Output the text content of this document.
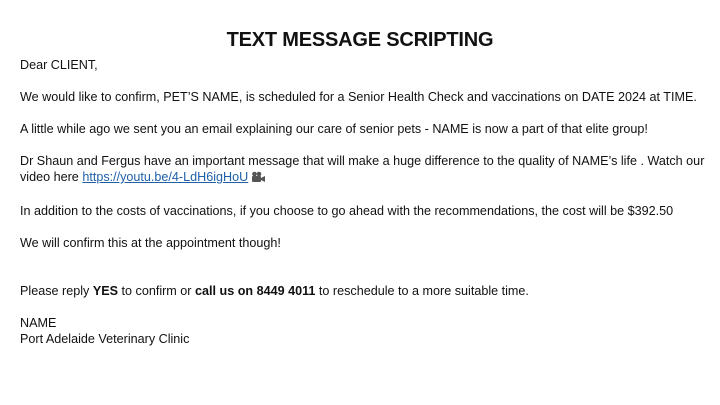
TEXT MESSAGE SCRIPTING

Dear CLIENT,

We would like to confirm, PET’S NAME, is scheduled for a Senior Health Check and vaccinations on DATE 2024 at TIME.

A little while ago we sent you an email explaining our care of senior pets - NAME is now a part of that elite group!

Dr Shaun and Fergus have an important message that will make a huge difference to the quality of NAME’s life . Watch our
video here https://youtu.be/4-LdH6igHoU

In addition to the costs of vaccinations, if you choose to go ahead with the recommendations, the cost will be $392.50

We will confirm this at the appointment though!

Please reply YES to confirm or call us on 8449 4011 to reschedule to a more suitable time.

NAME

Port Adelaide Veterinary Clinic
